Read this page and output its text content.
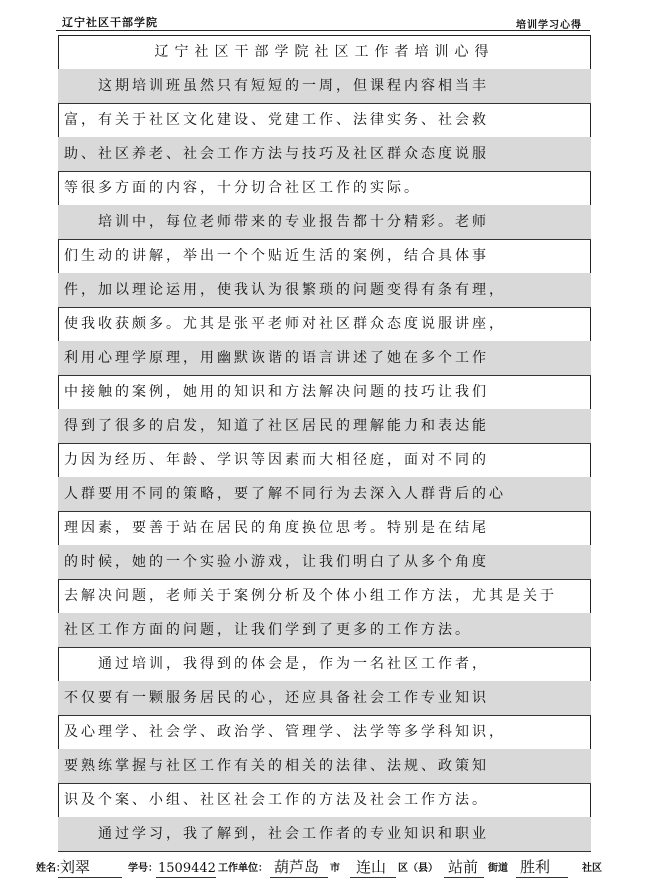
辽宁社区干部学院	培训学习心得
辽宁社区干部学院社区工作者培训心得
这期培训班虽然只有短短的一周，但课程内容相当丰
富，有关于社区文化建设、党建工作、法律实务、社会救
助、社区养老、社会工作方法与技巧及社区群众态度说服
等很多方面的内容，十分切合社区工作的实际。
培训中，每位老师带来的专业报告都十分精彩。老师
们生动的讲解，举出一个个贴近生活的案例，结合具体事
件，加以理论运用，使我认为很繁琐的问题变得有条有理，
使我收获颇多。尤其是张平老师对社区群众态度说服讲座，
利用心理学原理，用幽默诙谐的语言讲述了她在多个工作
中接触的案例，她用的知识和方法解决问题的技巧让我们
得到了很多的启发，知道了社区居民的理解能力和表达能
力因为经历、年龄、学识等因素而大相径庭，面对不同的
人群要用不同的策略，要了解不同行为去深入人群背后的心
理因素，要善于站在居民的角度换位思考。特别是在结尾
的时候，她的一个实验小游戏，让我们明白了从多个角度
去解决问题，老师关于案例分析及个体小组工作方法，尤其是关于
社区工作方面的问题，让我们学到了更多的工作方法。
通过培训，我得到的体会是，作为一名社区工作者，
不仅要有一颗服务居民的心，还应具备社会工作专业知识
及心理学、社会学、政治学、管理学、法学等多学科知识，
要熟练掌握与社区工作有关的相关的法律、法规、政策知
识及个案、小组、社区社会工作的方法及社会工作方法。
通过学习，我了解到，社会工作者的专业知识和职业
姓名：
刘翠	学号： 1509442 工作单位： 葫芦岛 市 连山 区（县） 站前 街道 胜利	社区
